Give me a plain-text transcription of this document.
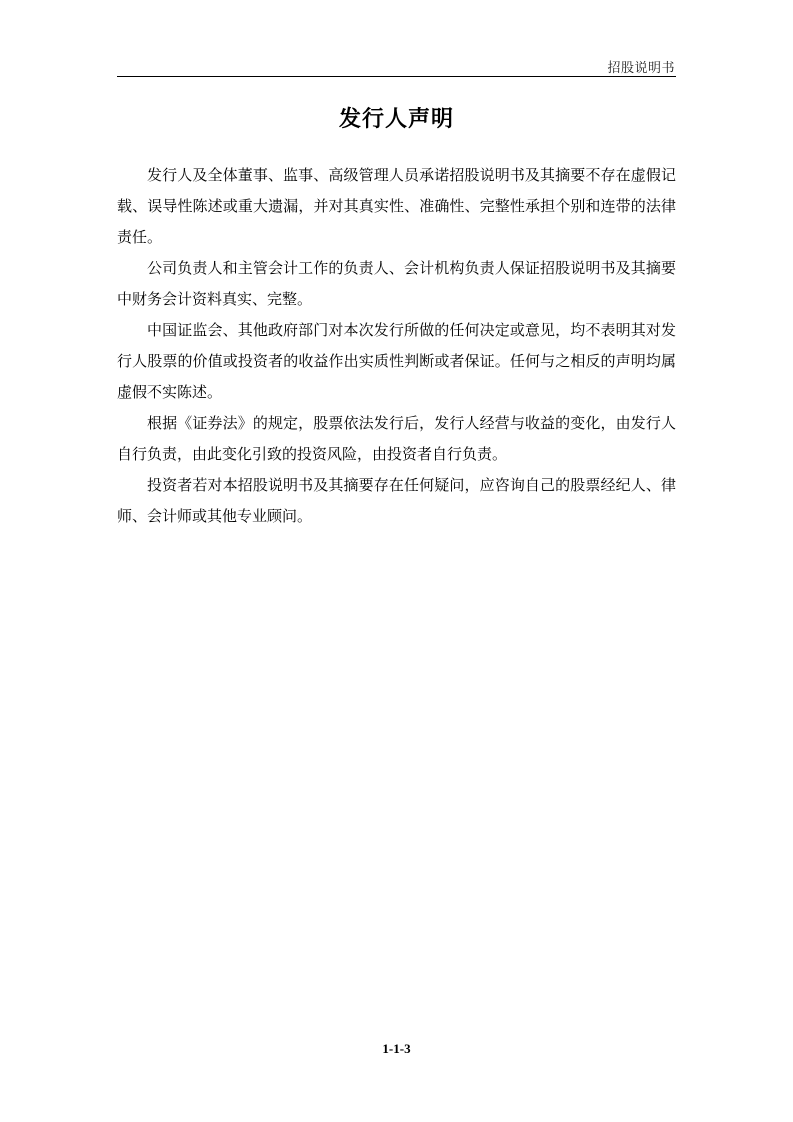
招股说明书
发行人声明

发行人及全体董事、监事、高级管理人员承诺招股说明书及其摘要不存在虚假记载、误导性陈述或重大遗漏，并对其真实性、准确性、完整性承担个别和连带的法律责任。

公司负责人和主管会计工作的负责人、会计机构负责人保证招股说明书及其摘要中财务会计资料真实、完整。

中国证监会、其他政府部门对本次发行所做的任何决定或意见，均不表明其对发行人股票的价值或投资者的收益作出实质性判断或者保证。任何与之相反的声明均属虚假不实陈述。

根据《证券法》的规定，股票依法发行后，发行人经营与收益的变化，由发行人自行负责，由此变化引致的投资风险，由投资者自行负责。

投资者若对本招股说明书及其摘要存在任何疑问，应咨询自己的股票经纪人、律师、会计师或其他专业顾问。

1-1-3
